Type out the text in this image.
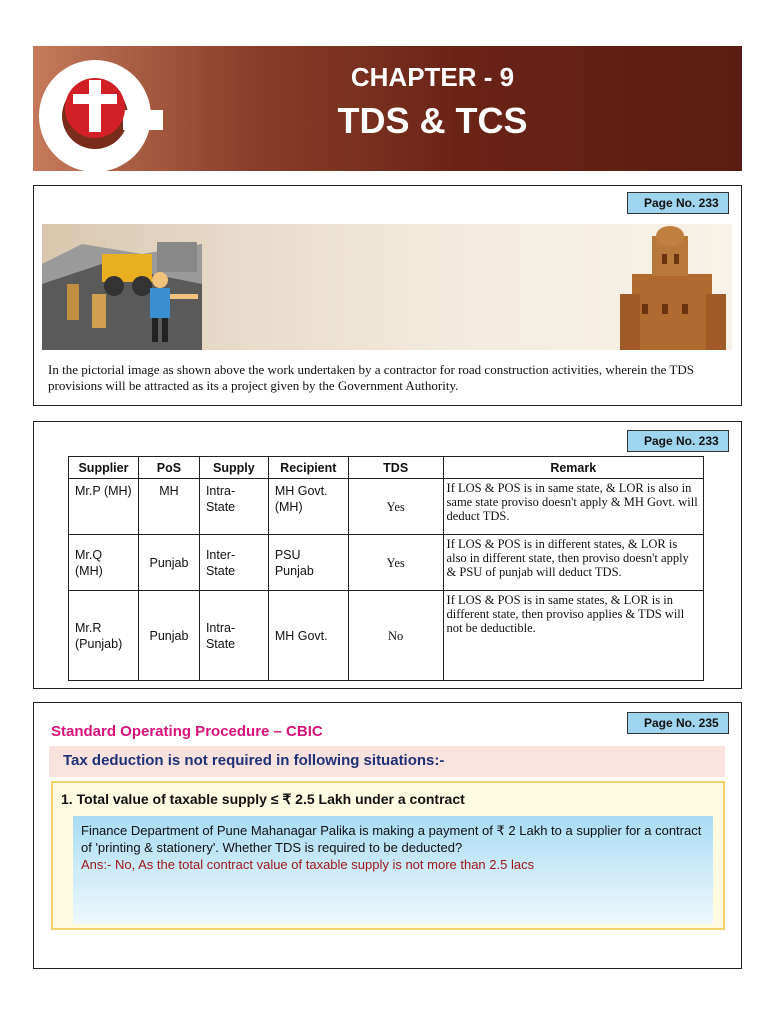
CHAPTER - 9
TDS & TCS
Page No. 233

In the pictorial image as shown above the work undertaken by a contractor for road construction activities, wherein the TDS provisions will be attracted as its a project given by the Government Authority.

Page No. 233
Supplier	PoS	Supply	Recipient	TDS	Remark
Mr.P (MH)	MH	Intra-State	MH Govt. (MH)	Yes	If LOS & POS is in same state, & LOR is also in same state proviso doesn't apply & MH Govt. will deduct TDS.
Mr.Q (MH)	Punjab	Inter-State	PSU Punjab	Yes	If LOS & POS is in different states, & LOR is also in different state, then proviso doesn't apply & PSU of punjab will deduct TDS.
Mr.R (Punjab)	Punjab	Intra-State	MH Govt.	No	If LOS & POS is in same states, & LOR is in different state, then proviso applies & TDS will not be deductible.
Page No. 235
Standard Operating Procedure – CBIC
Tax deduction is not required in following situations:-
1. Total value of taxable supply ≤ ₹ 2.5 Lakh under a contract
Finance Department of Pune Mahanagar Palika is making a payment of ₹ 2 Lakh to a supplier for a contract of 'printing & stationery'. Whether TDS is required to be deducted?
Ans:- No, As the total contract value of taxable supply is not more than 2.5 lacs
